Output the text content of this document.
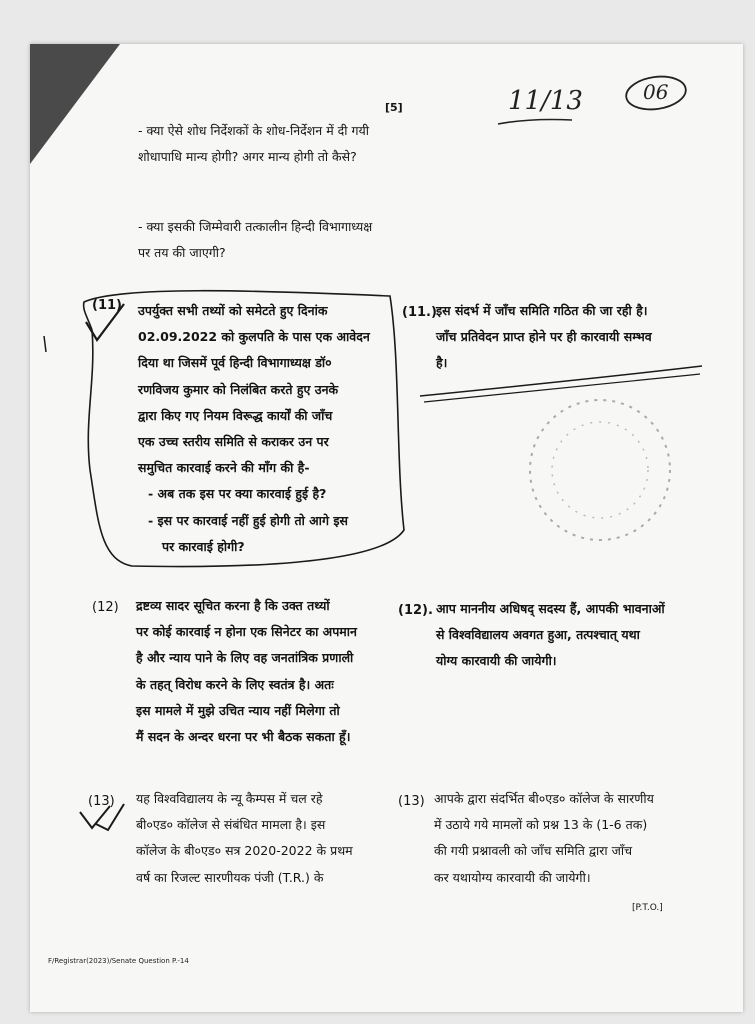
[5]	11/13	06
- क्या ऐसे शोध निर्देशकों के शोध-निर्देशन में दी गयी शोधापाधि मान्य होगी? अगर मान्य होगी तो कैसे?
- क्या इसकी जिम्मेवारी तत्कालीन हिन्दी विभागाध्यक्ष पर तय की जाएगी?
(11) उपर्युक्त सभी तथ्यों को समेटते हुए दिनांक

02.09.2022 को कुलपति के पास एक आवेदन

दिया था जिसमें पूर्व हिन्दी विभागाध्यक्ष डॉ०

रणविजय कुमार को निलंबित करते हुए उनके

द्वारा किए गए नियम विरूद्ध कार्यों की जाँच

एक उच्च स्तरीय समिति से कराकर उन पर

समुचित कारवाई करने की माँग की है-

- अब तक इस पर क्या कारवाई हुई है?

- इस पर कारवाई नहीं हुई होगी तो आगे इस

पर कारवाई होगी?

(11.) इस संदर्भ में जाँच समिति गठित की जा रही है।

जाँच प्रतिवेदन प्राप्त होने पर ही कारवायी सम्भव

है।

(12) द्रष्टव्य सादर सूचित करना है कि उक्त तथ्यों

पर कोई कारवाई न होना एक सिनेटर का अपमान

है और न्याय पाने के लिए वह जनतांत्रिक प्रणाली

के तहत् विरोध करने के लिए स्वतंत्र है। अतः

इस मामले में मुझे उचित न्याय नहीं मिलेगा तो

मैं सदन के अन्दर धरना पर भी बैठक सकता हूँ।

(12). आप माननीय अधिषद् सदस्य हैं, आपकी भावनाओं

से विश्वविद्यालय अवगत हुआ, तत्पश्चात् यथा

योग्य कारवायी की जायेगी।

(13) यह विश्वविद्यालय के न्यू कैम्पस में चल रहे

बी०एड० कॉलेज से संबंधित मामला है। इस

कॉलेज के बी०एड० सत्र 2020-2022 के प्रथम

वर्ष का रिजल्ट सारणीयक पंजी (T.R.) के

(13) आपके द्वारा संदर्भित बी०एड० कॉलेज के सारणीय

में उठाये गये मामलों को प्रश्न 13 के (1-6 तक)

की गयी प्रश्नावली को जाँच समिति द्वारा जाँच

कर यथायोग्य कारवायी की जायेगी।

[P.T.O.]
F/Registrar(2023)/Senate Question P.-14
